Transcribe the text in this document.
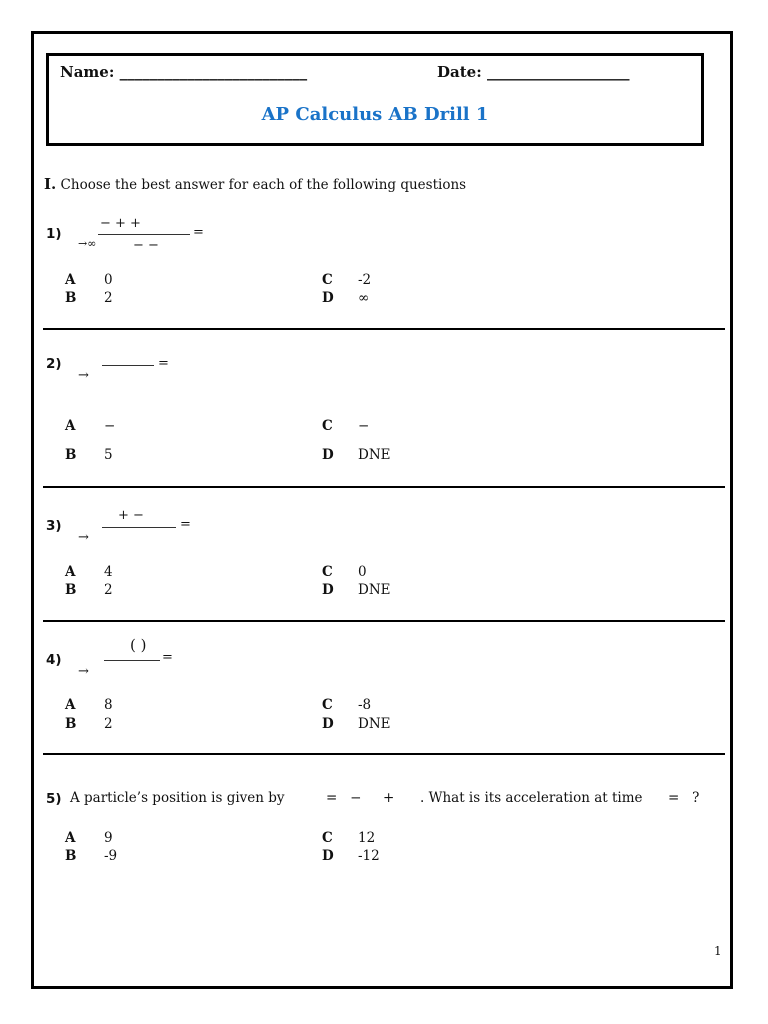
Name: _________________________	Date: ___________________
AP Calculus AB Drill 1
I. Choose the best answer for each of the following questions
1)
→∞
− + +
− −
=
A 0
B 2
C -2
D ∞
2)
→
=
A −
B 5
C −
D DNE
3)
→
+ −
=
A 4
B 2
C 0
D DNE
4)
→
( )
=
A 8
B 2
C -8
D DNE
5) A particle’s position is given by	=   −     + . What is its acceleration at time =   ?
A 9
B -9
C 12
D -12
1
